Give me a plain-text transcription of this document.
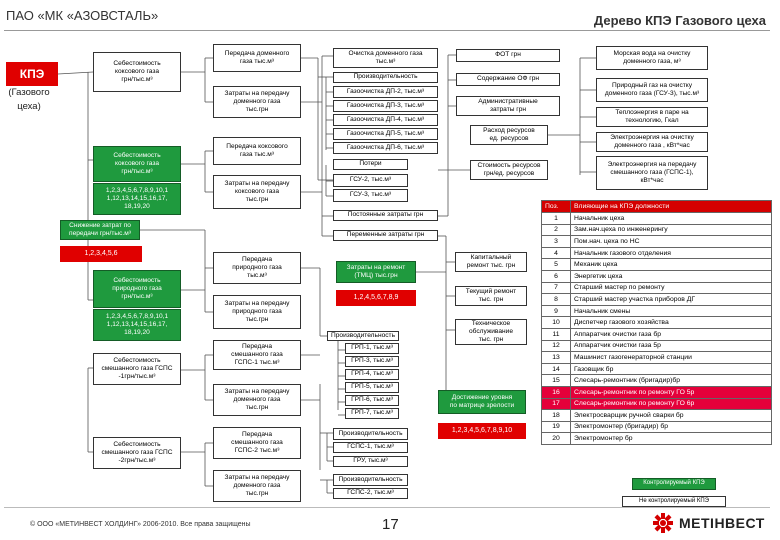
ПАО «МК «АЗОВСТАЛЬ»	Дерево КПЭ Газового цеха
КПЭ
(Газового
цеха)
Себестоимость
коксового газа
грн/тыс.м³
Себестоимость
коксового газа
грн/тыс.м³
1,2,3,4,5,6,7,8,9,10,1
1,12,13,14,15,16,17,
18,19,20
Снижение затрат по
передачи грн/тыс.м³
1,2,3,4,5,6
Себестоимость
природного газа
грн/тыс.м³
1,2,3,4,5,6,7,8,9,10,1
1,12,13,14,15,16,17,
18,19,20
Себестоимость
смешанного газа ГСПС
-1грн/тыс.м³
Себестоимость
смешанного газа ГСПС
-2грн/тыс.м³
Передача доменного
газа тыс.м³
Затраты на передачу
доменного газа
тыс.грн
Передача коксового
газа тыс.м³
Затраты на передачу
коксового газа
тыс.грн
Передача
природного газа
тыс.м³
Затраты на передачу
природного газа
тыс.грн
Передача
смешанного газа
ГСПС-1 тыс.м³
Затраты на передачу
доменного газа
тыс.грн
Передача
смешанного газа
ГСПС-2 тыс.м³
Затраты на передачу
доменного газа
тыс.грн
Очистка доменного газа
тыс.м³
Производительность
Газоочистка ДП-2, тыс.м³
Газоочистка ДП-3, тыс.м³
Газоочистка ДП-4, тыс.м³
Газоочистка ДП-5, тыс.м³
Газоочистка ДП-6, тыс.м³
Потери
ГСУ-2, тыс.м³
ГСУ-3, тыс.м³
Постоянные затраты грн
Переменные затраты грн
Затраты на ремонт
(ТМЦ) тыс.грн
1,2,4,5,6,7,8,9
Производительность
ГРП-1, тыс.м³
ГРП-3, тыс.м³
ГРП-4, тыс.м³
ГРП-5, тыс.м³
ГРП-6, тыс.м³
ГРП-7, тыс.м³
Производительность
ГСПС-1, тыс.м³
ГРУ, тыс.м³
Производительность
ГСПС-2, тыс.м³
ФОТ грн
Содержание ОФ грн
Административные
затраты грн
Расход ресурсов
ед. ресурсов
Стоимость ресурсов
грн/ед. ресурсов
Капитальный
ремонт тыс. грн
Текущий ремонт
тыс. грн
Техническое
обслуживание
тыс. грн
Достижение уровня
по матрице зрелости
1,2,3,4,5,6,7,8,9,10
Морская вода на очистку
доменного газа, м³
Природный газ на очистку
доменного газа (ГСУ-3), тыс.м³
Теплоэнергия в паре на
технологию, Гкал
Электроэнергия на очистку
доменного газа , кВт*час
Электроэнергия на передачу
смешанного газа (ГСПС-1),
кВт*час
Поз.	Влияющие на КПЭ должности
1	Начальник цеха
2	Зам.нач.цеха по инженерингу
3	Пом.нач. цеха по НС
4	Начальник газового отделения
5	Механик цеха
6	Энергетик цеха
7	Старший мастер по ремонту
8	Старший мастер участка приборов ДГ
9	Начальник смены
10	Диспетчер газового хозяйства
11	Аппаратчик очистки газа бр
12	Аппаратчик очистки газа 5р
13	Машинист газогенераторной станции
14	Газовщик бр
15	Слесарь-ремонтник (бригадир)бр
16	Слесарь-ремонтник по ремонту ГО 5р
17	Слесарь-ремонтник по ремонту ГО 6р
18	Электросварщик ручной сварки бр
19	Электромонтер (бригадир) бр
20	Электромонтер бр
Контролируемый КПЭ
Не контролируемый КПЭ
© ООО «МЕТИНВЕСТ ХОЛДИНГ» 2006-2010. Все права защищены	17	МЕТІНВЕСТ
